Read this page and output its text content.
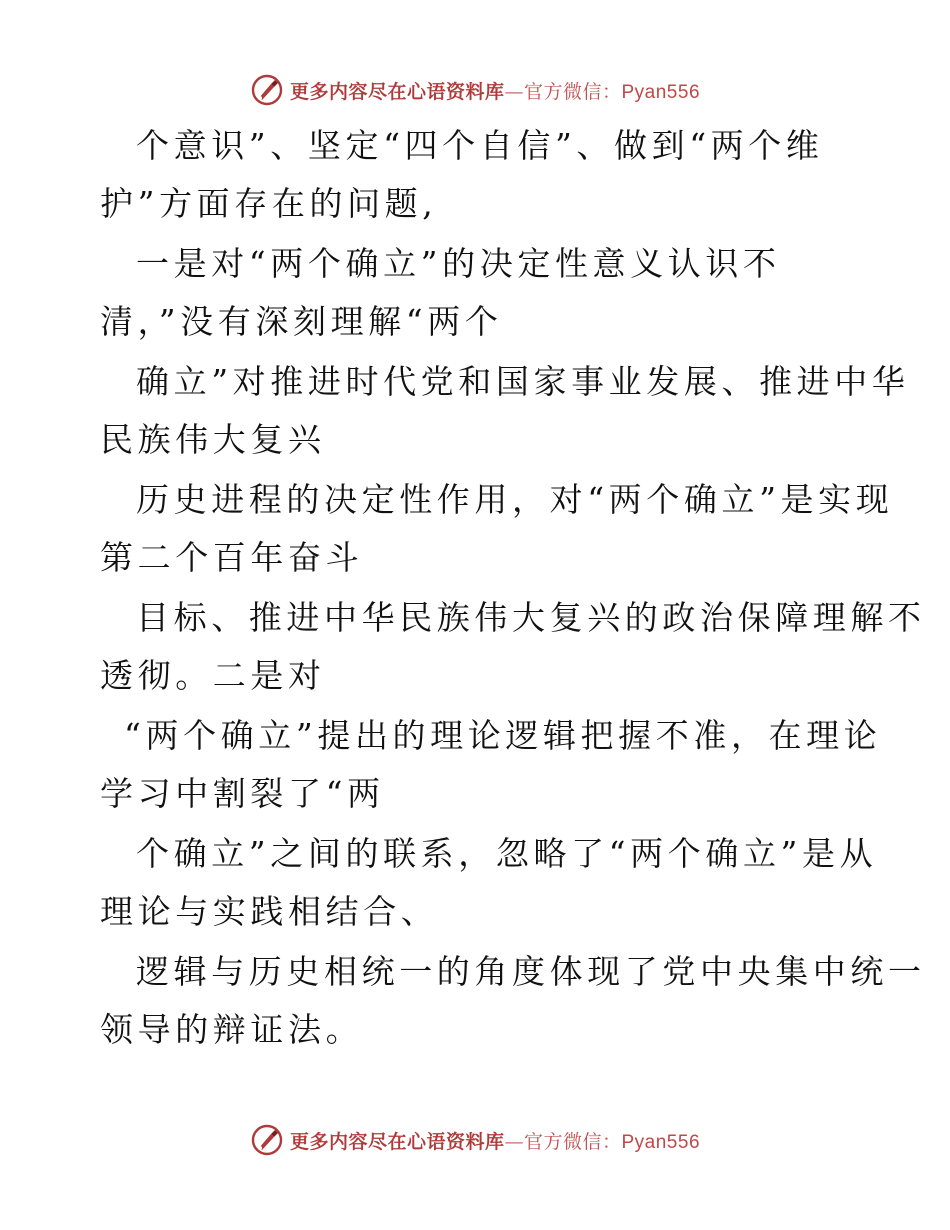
更多内容尽在心语资料库—官方微信：Pyan556
个意识”、坚定“四个自信”、做到“两个维
护”方面存在的问题,
一是对“两个确立”的决定性意义认识不
清，”没有深刻理解“两个
确立”对推进时代党和国家事业发展、推进中华
民族伟大复兴
历史进程的决定性作用，对“两个确立”是实现
第二个百年奋斗
目标、推进中华民族伟大复兴的政治保障理解不
透彻。二是对
“两个确立”提出的理论逻辑把握不准，在理论
学习中割裂了“两
个确立”之间的联系，忽略了“两个确立”是从
理论与实践相结合、
逻辑与历史相统一的角度体现了党中央集中统一
领导的辩证法。
更多内容尽在心语资料库—官方微信：Pyan556
